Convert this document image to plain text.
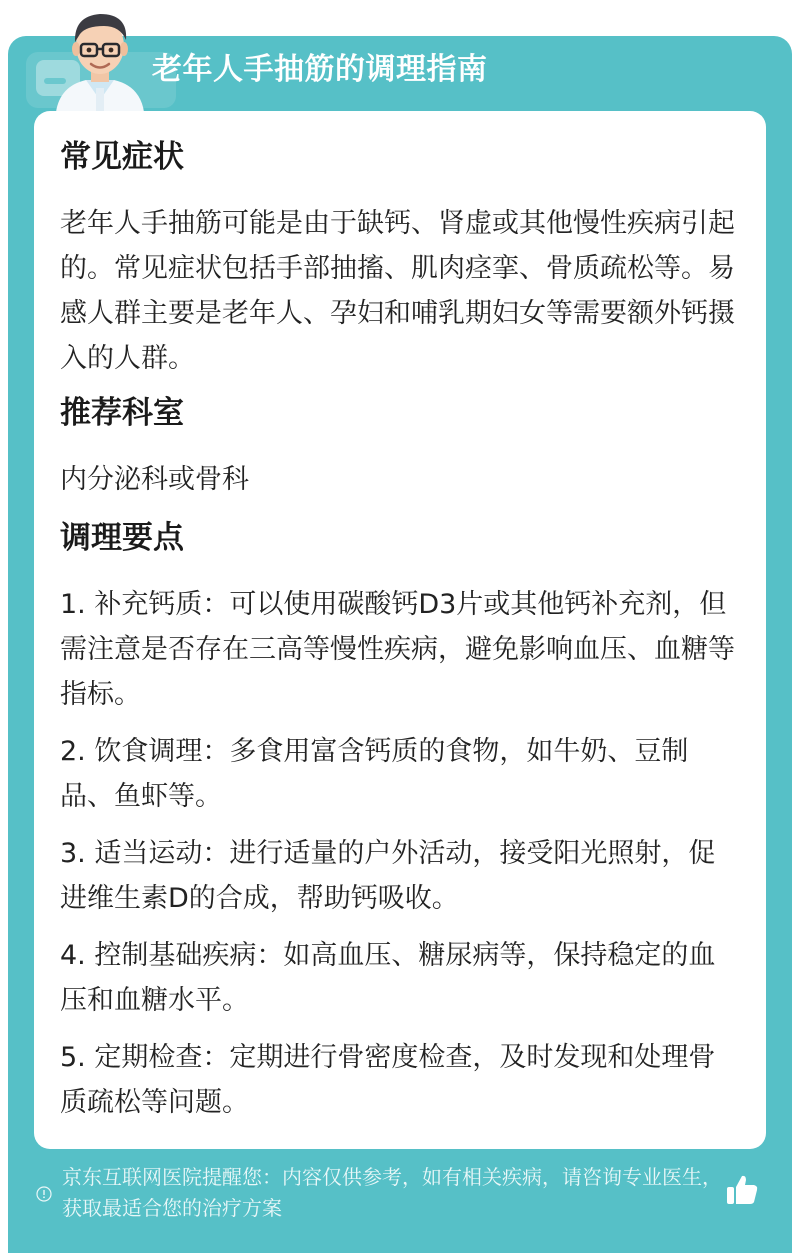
老年人手抽筋的调理指南

常见症状

老年人手抽筋可能是由于缺钙、肾虚或其他慢性疾病引起的。常见症状包括手部抽搐、肌肉痉挛、骨质疏松等。易感人群主要是老年人、孕妇和哺乳期妇女等需要额外钙摄入的人群。

推荐科室

内分泌科或骨科

调理要点

1. 补充钙质：可以使用碳酸钙D3片或其他钙补充剂，但需注意是否存在三高等慢性疾病，避免影响血压、血糖等指标。

2. 饮食调理：多食用富含钙质的食物，如牛奶、豆制品、鱼虾等。

3. 适当运动：进行适量的户外活动，接受阳光照射，促进维生素D的合成，帮助钙吸收。

4. 控制基础疾病：如高血压、糖尿病等，保持稳定的血压和血糖水平。

5. 定期检查：定期进行骨密度检查，及时发现和处理骨质疏松等问题。

京东互联网医院提醒您：内容仅供参考，如有相关疾病，请咨询专业医生，获取最适合您的治疗方案
